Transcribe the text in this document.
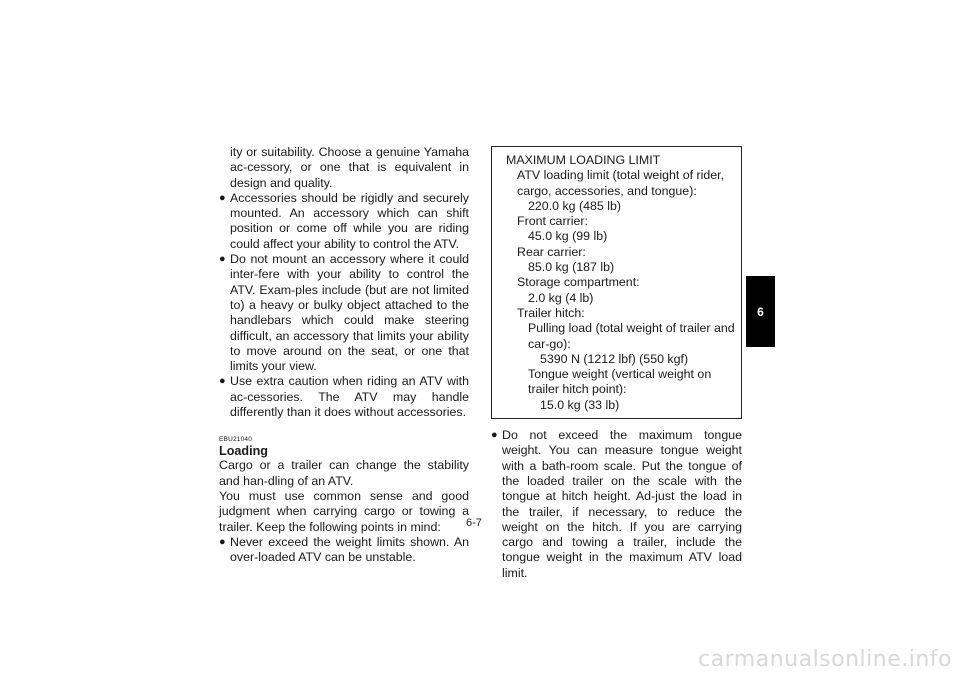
ity or suitability. Choose a genuine Yamaha ac-cessory, or one that is equivalent in design and quality.
● Accessories should be rigidly and securely mounted. An accessory which can shift position or come off while you are riding could affect your ability to control the ATV.
● Do not mount an accessory where it could inter-fere with your ability to control the ATV. Exam-ples include (but are not limited to) a heavy or bulky object attached to the handlebars which could make steering difficult, an accessory that limits your ability to move around on the seat, or one that limits your view.
● Use extra caution when riding an ATV with ac-cessories. The ATV may handle differently than it does without accessories.
EBU21040
Loading
Cargo or a trailer can change the stability and han-dling of an ATV.
You must use common sense and good judgment when carrying cargo or towing a trailer. Keep the following points in mind:
● Never exceed the weight limits shown. An over-loaded ATV can be unstable.
MAXIMUM LOADING LIMIT
ATV loading limit (total weight of rider, cargo, accessories, and tongue):
220.0 kg (485 lb)
Front carrier:
45.0 kg (99 lb)
Rear carrier:
85.0 kg (187 lb)
Storage compartment:
2.0 kg (4 lb)
Trailer hitch:
Pulling load (total weight of trailer and car-go):
5390 N (1212 lbf) (550 kgf)
Tongue weight (vertical weight on trailer hitch point):
15.0 kg (33 lb)
● Do not exceed the maximum tongue weight. You can measure tongue weight with a bath-room scale. Put the tongue of the loaded trailer on the scale with the tongue at hitch height. Ad-just the load in the trailer, if necessary, to reduce the weight on the hitch. If you are carrying cargo and towing a trailer, include the tongue weight in the maximum ATV load limit.
6
6-7
carmanualsonline.info
